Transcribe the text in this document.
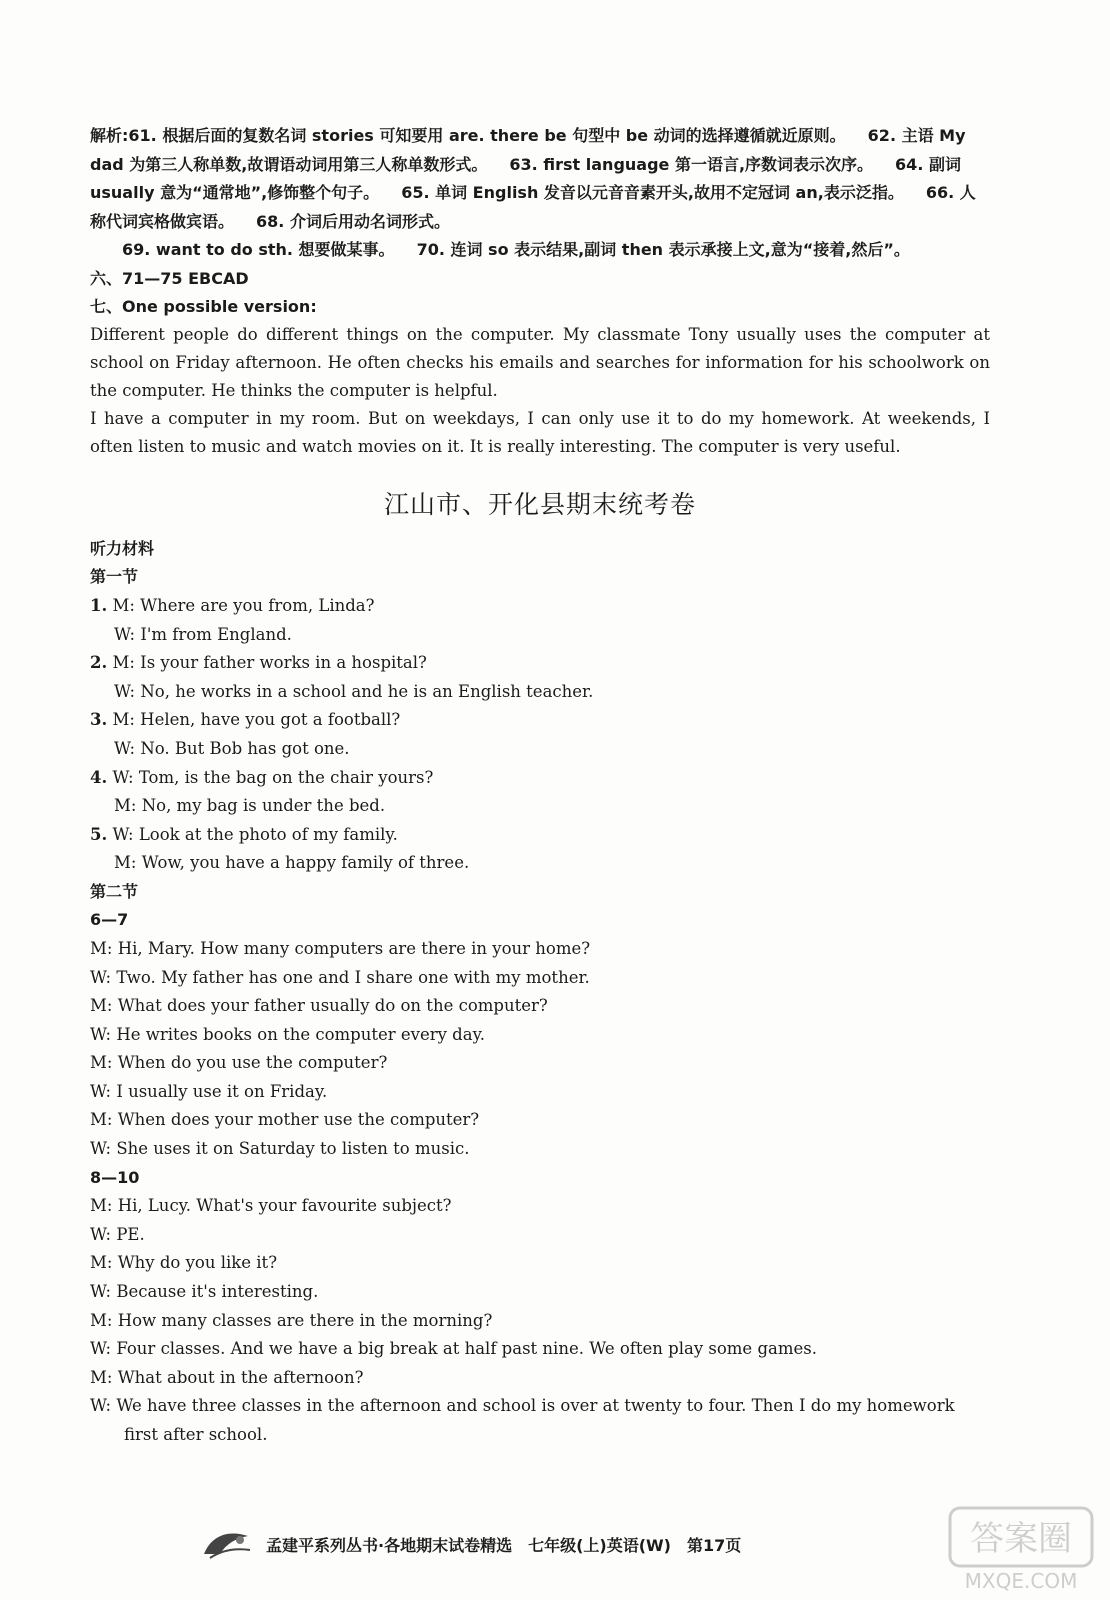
解析:61. 根据后面的复数名词 stories 可知要用 are. there be 句型中 be 动词的选择遵循就近原则。 62. 主语 My dad 为第三人称单数,故谓语动词用第三人称单数形式。 63. first language 第一语言,序数词表示次序。 64. 副词 usually 意为“通常地”,修饰整个句子。 65. 单词 English 发音以元音音素开头,故用不定冠词 an,表示泛指。 66. 人称代词宾格做宾语。 68. 介词后用动名词形式。

69. want to do sth. 想要做某事。 70. 连词 so 表示结果,副词 then 表示承接上文,意为“接着,然后”。

六、71—75 EBCAD

七、One possible version:

Different people do different things on the computer. My classmate Tony usually uses the computer at school on Friday afternoon. He often checks his emails and searches for information for his schoolwork on the computer. He thinks the computer is helpful.

I have a computer in my room. But on weekdays, I can only use it to do my homework. At weekends, I often listen to music and watch movies on it. It is really interesting. The computer is very useful.

江山市、开化县期末统考卷

听力材料

第一节

1. M: Where are you from, Linda?

W: I'm from England.

2. M: Is your father works in a hospital?

W: No, he works in a school and he is an English teacher.

3. M: Helen, have you got a football?

W: No. But Bob has got one.

4. W: Tom, is the bag on the chair yours?

M: No, my bag is under the bed.

5. W: Look at the photo of my family.

M: Wow, you have a happy family of three.

第二节

6—7

M: Hi, Mary. How many computers are there in your home?

W: Two. My father has one and I share one with my mother.

M: What does your father usually do on the computer?

W: He writes books on the computer every day.

M: When do you use the computer?

W: I usually use it on Friday.

M: When does your mother use the computer?

W: She uses it on Saturday to listen to music.

8—10

M: Hi, Lucy. What's your favourite subject?

W: PE.

M: Why do you like it?

W: Because it's interesting.

M: How many classes are there in the morning?

W: Four classes. And we have a big break at half past nine. We often play some games.

M: What about in the afternoon?

W: We have three classes in the afternoon and school is over at twenty to four. Then I do my homework first after school.

孟建平系列丛书·各地期末试卷精选 七年级(上)英语(W) 第17页	答案圈
MXQE.COM
